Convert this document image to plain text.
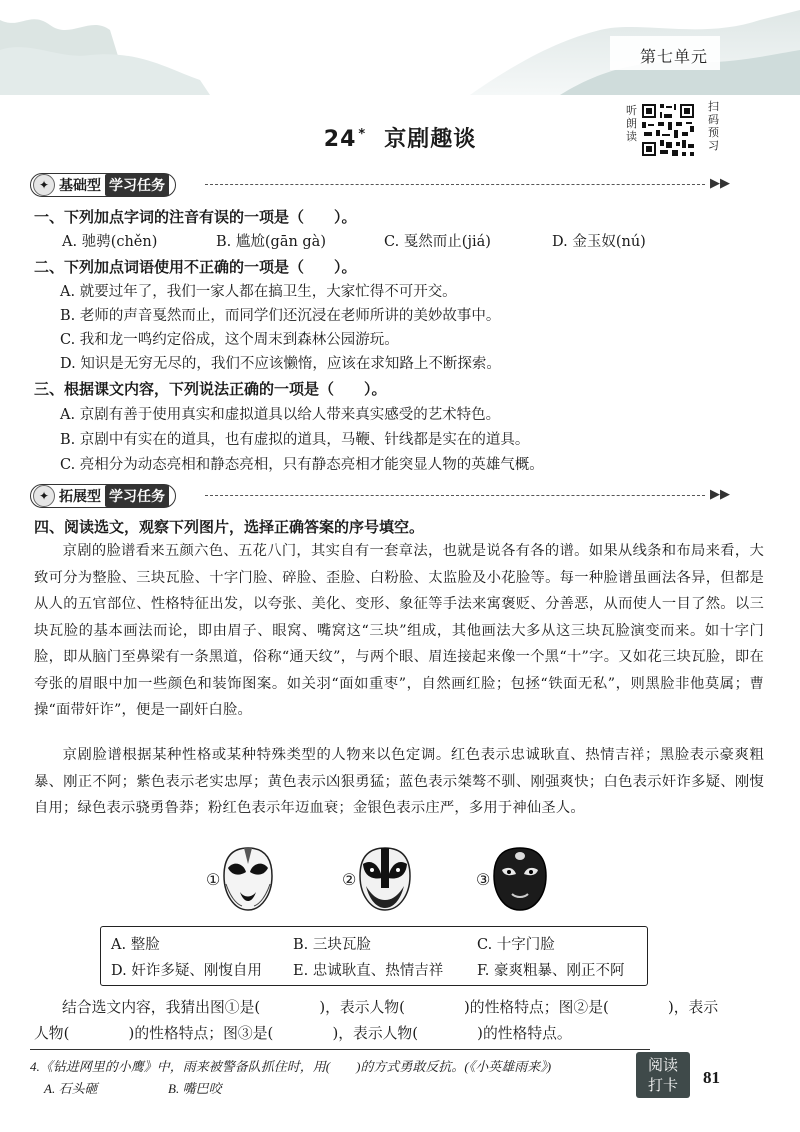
第七单元
24 * 京剧趣谈
听朗读
扫码预习
✦ 基础型 学习任务	▶▶
一、下列加点字词的注音有误的一项是（　　）。
A. 驰骋(chěn)	B. 尴尬(gān gà)	C. 戛然而止(jiá)	D. 金玉奴(nú)
二、下列加点词语使用不正确的一项是（　　）。
A. 就要过年了，我们一家人都在搞卫生，大家忙得不可开交。
B. 老师的声音戛然而止，而同学们还沉浸在老师所讲的美妙故事中。
C. 我和龙一鸣约定俗成，这个周末到森林公园游玩。
D. 知识是无穷无尽的，我们不应该懒惰，应该在求知路上不断探索。
三、根据课文内容，下列说法正确的一项是（　　）。
A. 京剧有善于使用真实和虚拟道具以给人带来真实感受的艺术特色。
B. 京剧中有实在的道具，也有虚拟的道具，马鞭、针线都是实在的道具。
C. 亮相分为动态亮相和静态亮相，只有静态亮相才能突显人物的英雄气概。
✦ 拓展型 学习任务	▶▶
四、阅读选文，观察下列图片，选择正确答案的序号填空。
京剧的脸谱看来五颜六色、五花八门，其实自有一套章法，也就是说各有各的谱。如果从线条和布局来看，大致可分为整脸、三块瓦脸、十字门脸、碎脸、歪脸、白粉脸、太监脸及小花脸等。每一种脸谱虽画法各异，但都是从人的五官部位、性格特征出发，以夸张、美化、变形、象征等手法来寓褒贬、分善恶，从而使人一目了然。以三块瓦脸的基本画法而论，即由眉子、眼窝、嘴窝这“三块”组成，其他画法大多从这三块瓦脸演变而来。如十字门脸，即从脑门至鼻梁有一条黑道，俗称“通天纹”，与两个眼、眉连接起来像一个黑“十”字。又如花三块瓦脸，即在夸张的眉眼中加一些颜色和装饰图案。如关羽“面如重枣”，自然画红脸；包拯“铁面无私”，则黑脸非他莫属；曹操“面带奸诈”，便是一副奸白脸。
京剧脸谱根据某种性格或某种特殊类型的人物来以色定调。红色表示忠诚耿直、热情吉祥；黑脸表示豪爽粗暴、刚正不阿；紫色表示老实忠厚；黄色表示凶狠勇猛；蓝色表示桀骜不驯、刚强爽快；白色表示奸诈多疑、刚愎自用；绿色表示骁勇鲁莽；粉红色表示年迈血衰；金银色表示庄严，多用于神仙圣人。
①	②	③
A. 整脸	B. 三块瓦脸	C. 十字门脸
D. 奸诈多疑、刚愎自用 E. 忠诚耿直、热情吉祥 F. 豪爽粗暴、刚正不阿
结合选文内容，我猜出图①是(　　　　)，表示人物(　　　　)的性格特点；图②是(　　　　)，表示
人物(　　　　)的性格特点；图③是(　　　　)，表示人物(　　　　)的性格特点。
4.《钻进网里的小鹰》中，雨来被警备队抓住时，用(　　)的方式勇敢反抗。(《小英雄雨来》)
A. 石头砸	B. 嘴巴咬
阅读
打卡	81
